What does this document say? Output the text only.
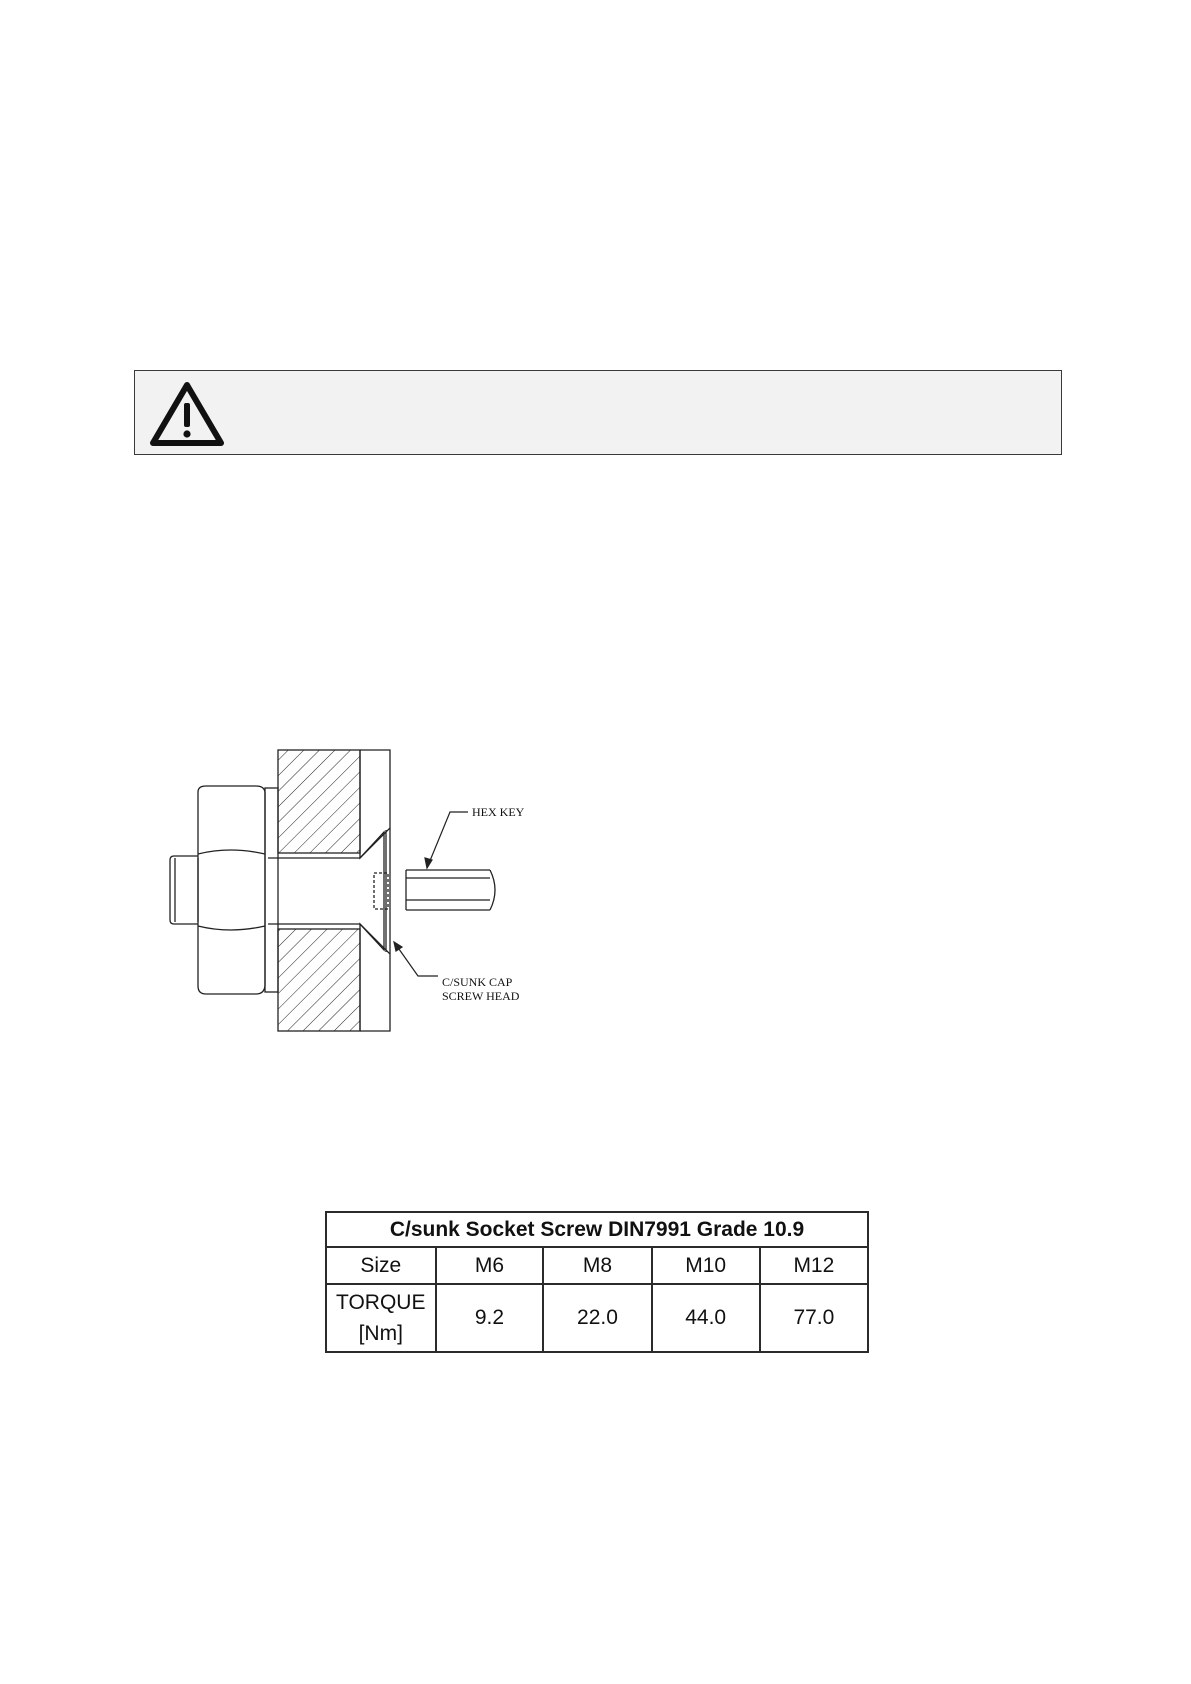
HEX KEY
C/SUNK CAP
SCREW HEAD
C/sunk Socket Screw DIN7991 Grade 10.9				
Size	M6	M8	M10	M12

TORQUE
[Nm]	9.2	22.0	44.0	77.0
